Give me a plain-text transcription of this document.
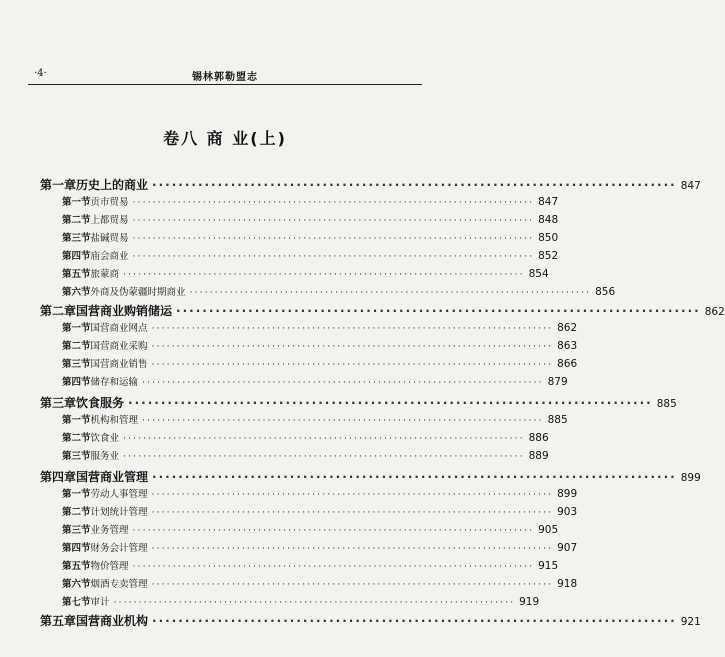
·4·	锡林郭勒盟志
卷八 商 业(上)
第一章 历史上的商业 ················································································ 847
第一节 贡市贸易 ················································································ 847
第二节 上都贸易 ················································································ 848
第三节 盐碱贸易 ················································································ 850
第四节 庙会商业 ················································································ 852
第五节 旅蒙商 ················································································ 854
第六节 外商及伪蒙疆时期商业 ················································································ 856
第二章 国营商业购销储运 ················································································ 862
第一节 国营商业网点 ················································································ 862
第二节 国营商业采购 ················································································ 863
第三节 国营商业销售 ················································································ 866
第四节 储存和运输 ················································································ 879
第三章 饮食服务 ················································································ 885
第一节 机构和管理 ················································································ 885
第二节 饮食业 ················································································ 886
第三节 服务业 ················································································ 889
第四章 国营商业管理 ················································································ 899
第一节 劳动人事管理 ················································································ 899
第二节 计划统计管理 ················································································ 903
第三节 业务管理 ················································································ 905
第四节 财务会计管理 ················································································ 907
第五节 物价管理 ················································································ 915
第六节 烟酒专卖管理 ················································································ 918
第七节 审计 ················································································ 919
第五章 国营商业机构 ················································································ 921
